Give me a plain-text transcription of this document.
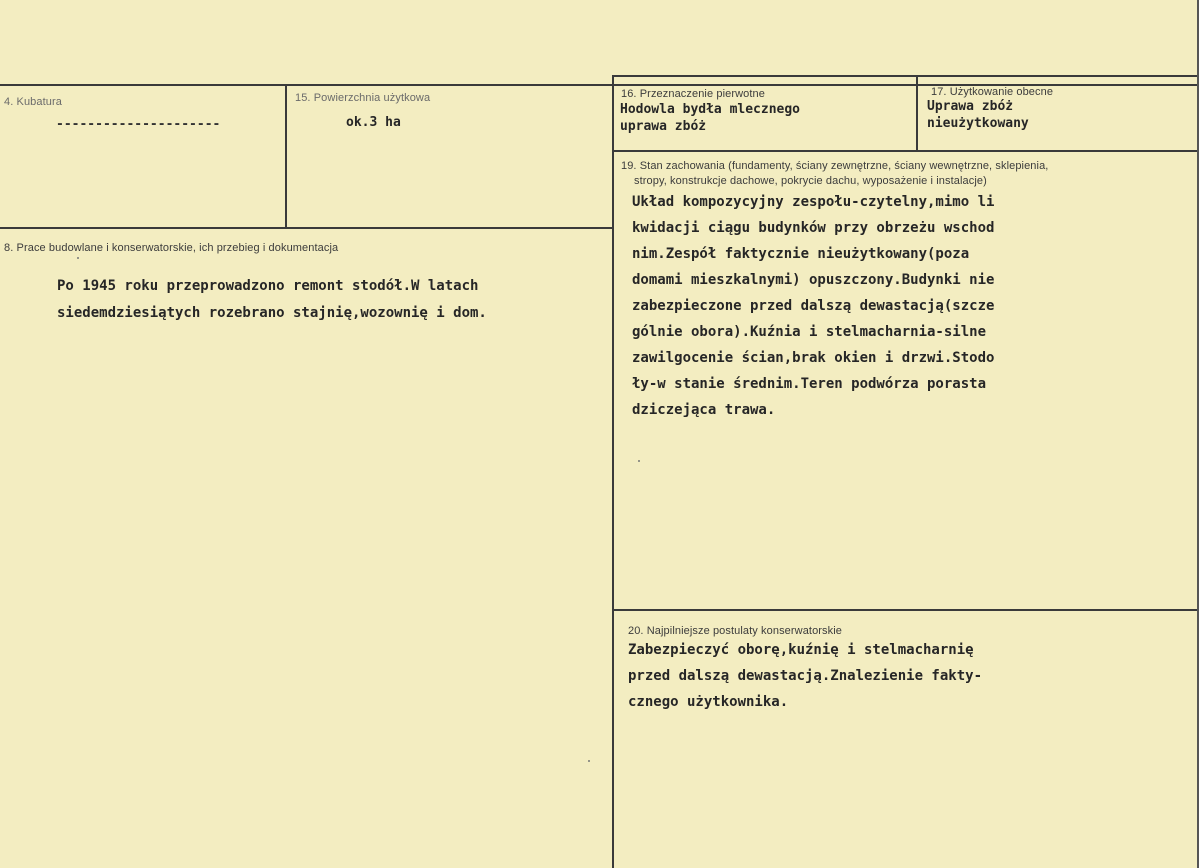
4. Kubatura
---------------------
15. Powierzchnia użytkowa
ok.3 ha
16. Przeznaczenie pierwotne
Hodowla bydła mlecznego
uprawa zbóż
17. Użytkowanie obecne
Uprawa zbóż
nieużytkowany
8. Prace budowlane i konserwatorskie, ich przebieg i dokumentacja
Po 1945 roku przeprowadzono remont stodół.W latach
siedemdziesiątych rozebrano stajnię,wozownię i dom.
19. Stan zachowania (fundamenty, ściany zewnętrzne, ściany wewnętrzne, sklepienia,
stropy, konstrukcje dachowe, pokrycie dachu, wyposażenie i instalacje)
Układ kompozycyjny zespołu-czytelny,mimo li
kwidacji ciągu budynków przy obrzeżu wschod
nim.Zespół faktycznie nieużytkowany(poza
domami mieszkalnymi) opuszczony.Budynki nie
zabezpieczone przed dalszą dewastacją(szcze
gólnie obora).Kuźnia i stelmacharnia-silne
zawilgocenie ścian,brak okien i drzwi.Stodo
ły-w stanie średnim.Teren podwórza porasta
dziczejąca trawa.
20. Najpilniejsze postulaty konserwatorskie
Zabezpieczyć oborę,kuźnię i stelmacharnię
przed dalszą dewastacją.Znalezienie fakty-
cznego użytkownika.
